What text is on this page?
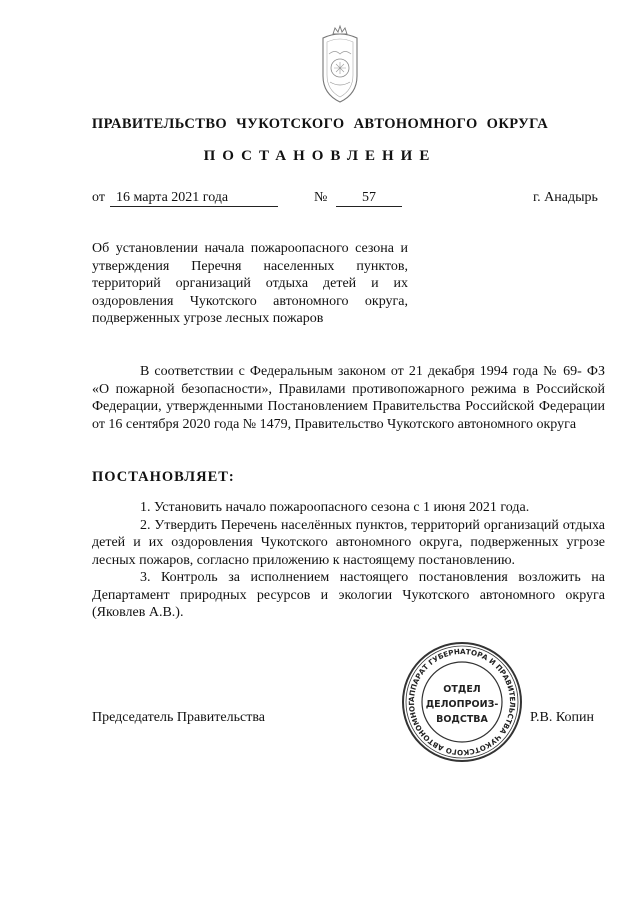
ПРАВИТЕЛЬСТВО ЧУКОТСКОГО АВТОНОМНОГО ОКРУГА
ПОСТАНОВЛЕНИЕ
от 16 марта 2021 года	№	57	г. Анадырь
Об установлении начала пожароопасного сезона и утверждения Перечня населенных пунктов, территорий организаций отдыха детей и их оздоровления Чукотского автономного округа, подверженных угрозе лесных пожаров

В соответствии с Федеральным законом от 21 декабря 1994 года № 69- ФЗ «О пожарной безопасности», Правилами противопожарного режима в Российской Федерации, утвержденными Постановлением Правительства Российской Федерации от 16 сентября 2020 года № 1479, Правительство Чукотского автономного округа

ПОСТАНОВЛЯЕТ:

1. Установить начало пожароопасного сезона с 1 июня 2021 года.

2. Утвердить Перечень населённых пунктов, территорий организаций отдыха детей и их оздоровления Чукотского автономного округа, подверженных угрозе лесных пожаров, согласно приложению к настоящему постановлению.

3. Контроль за исполнением настоящего постановления возложить на Департамент природных ресурсов и экологии Чукотского автономного округа (Яковлев А.В.).

Председатель Правительства	Р.В. Копин
АППАРАТ ГУБЕРНАТОРА И ПРАВИТЕЛЬСТВА ЧУКОТСКОГО АВТОНОМНОГ
ОТДЕЛ
ДЕЛОПРОИЗ-
ВОДСТВА
